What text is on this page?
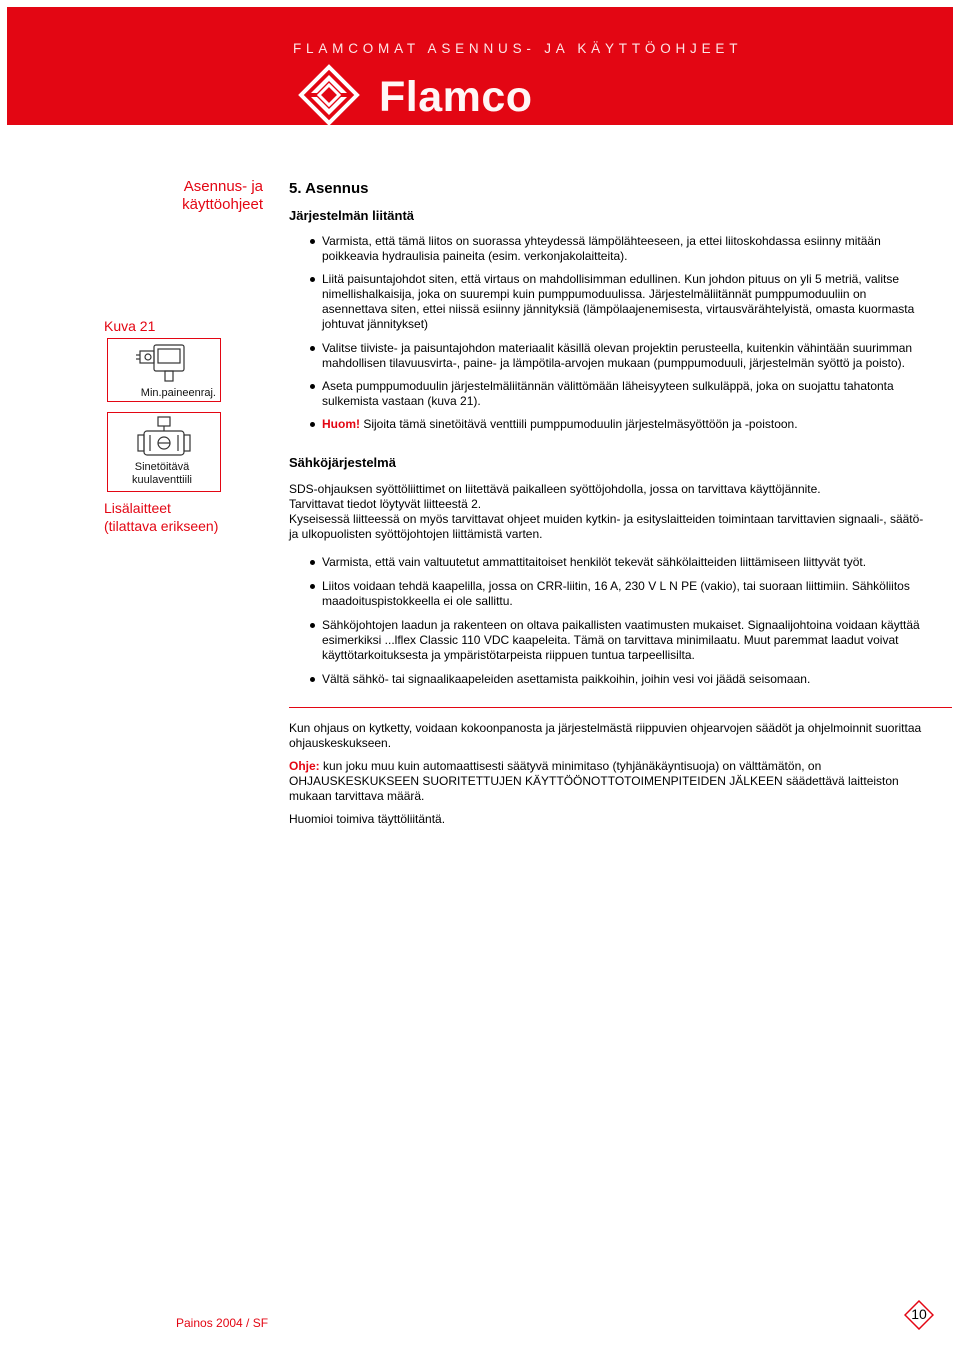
FLAMCOMAT ASENNUS- JA KÄYTTÖOHJEET
Flamco
Asennus- ja
käyttöohjeet
Kuva 21
Min.paineenraj.
Sinetöitävä
kuulaventtiili
Lisälaitteet
(tilattava erikseen)
5. Asennus
Järjestelmän liitäntä
Varmista, että tämä liitos on suorassa yhteydessä lämpölähteeseen, ja ettei liitoskohdassa esiinny mitään poikkeavia hydraulisia paineita (esim. verkonjakolaitteita).
Liitä paisuntajohdot siten, että virtaus on mahdollisimman edullinen. Kun johdon pituus on yli 5 metriä, valitse nimellishalkaisija, joka on suurempi kuin pumppumoduulissa. Järjestelmäliitännät pumppumoduuliin on asennettava siten, ettei niissä esiinny jännityksiä (lämpölaajenemisesta, virtausvärähtelyistä, omasta kuormasta johtuvat jännitykset)
Valitse tiiviste- ja paisuntajohdon materiaalit käsillä olevan projektin perusteella, kuitenkin vähintään suurimman mahdollisen tilavuusvirta-, paine- ja lämpötila-arvojen mukaan (pumppumoduuli, järjestelmän syöttö ja poisto).
Aseta pumppumoduulin järjestelmäliitännän välittömään läheisyyteen sulkuläppä, joka on suojattu tahatonta sulkemista vastaan (kuva 21).
Huom! Sijoita tämä sinetöitävä venttiili pumppumoduulin järjestelmäsyöttöön ja -poistoon.
Sähköjärjestelmä

SDS-ohjauksen syöttöliittimet on liitettävä paikalleen syöttöjohdolla, jossa on tarvittava käyttöjännite.

Tarvittavat tiedot löytyvät liitteestä 2.

Kyseisessä liitteessä on myös tarvittavat ohjeet muiden kytkin- ja esityslaitteiden toimintaan tarvittavien signaali-, säätö- ja ulkopuolisten syöttöjohtojen liittämistä varten.

Varmista, että vain valtuutetut ammattitaitoiset henkilöt tekevät sähkölaitteiden liittämiseen liittyvät työt.
Liitos voidaan tehdä kaapelilla, jossa on CRR-liitin, 16 A, 230 V L N PE (vakio), tai suoraan liittimiin. Sähköliitos maadoituspistokkeella ei ole sallittu.
Sähköjohtojen laadun ja rakenteen on oltava paikallisten vaatimusten mukaiset. Signaalijohtoina voidaan käyttää esimerkiksi ...lflex Classic 110 VDC kaapeleita. Tämä on tarvittava minimilaatu. Muut paremmat laadut voivat käyttötarkoituksesta ja ympäristötarpeista riippuen tuntua tarpeellisilta.
Vältä sähkö- tai signaalikaapeleiden asettamista paikkoihin, joihin vesi voi jäädä seisomaan.

Kun ohjaus on kytketty, voidaan kokoonpanosta ja järjestelmästä riippuvien ohjearvojen säädöt ja ohjelmoinnit suorittaa ohjauskeskukseen.

Ohje: kun joku muu kuin automaattisesti säätyvä minimitaso (tyhjänäkäyntisuoja) on välttämätön, on OHJAUSKESKUKSEEN SUORITETTUJEN KÄYTTÖÖNOTTOTOIMENPITEIDEN JÄLKEEN säädettävä laitteiston mukaan tarvittava määrä.

Huomioi toimiva täyttöliitäntä.

Painos 2004 / SF
10
